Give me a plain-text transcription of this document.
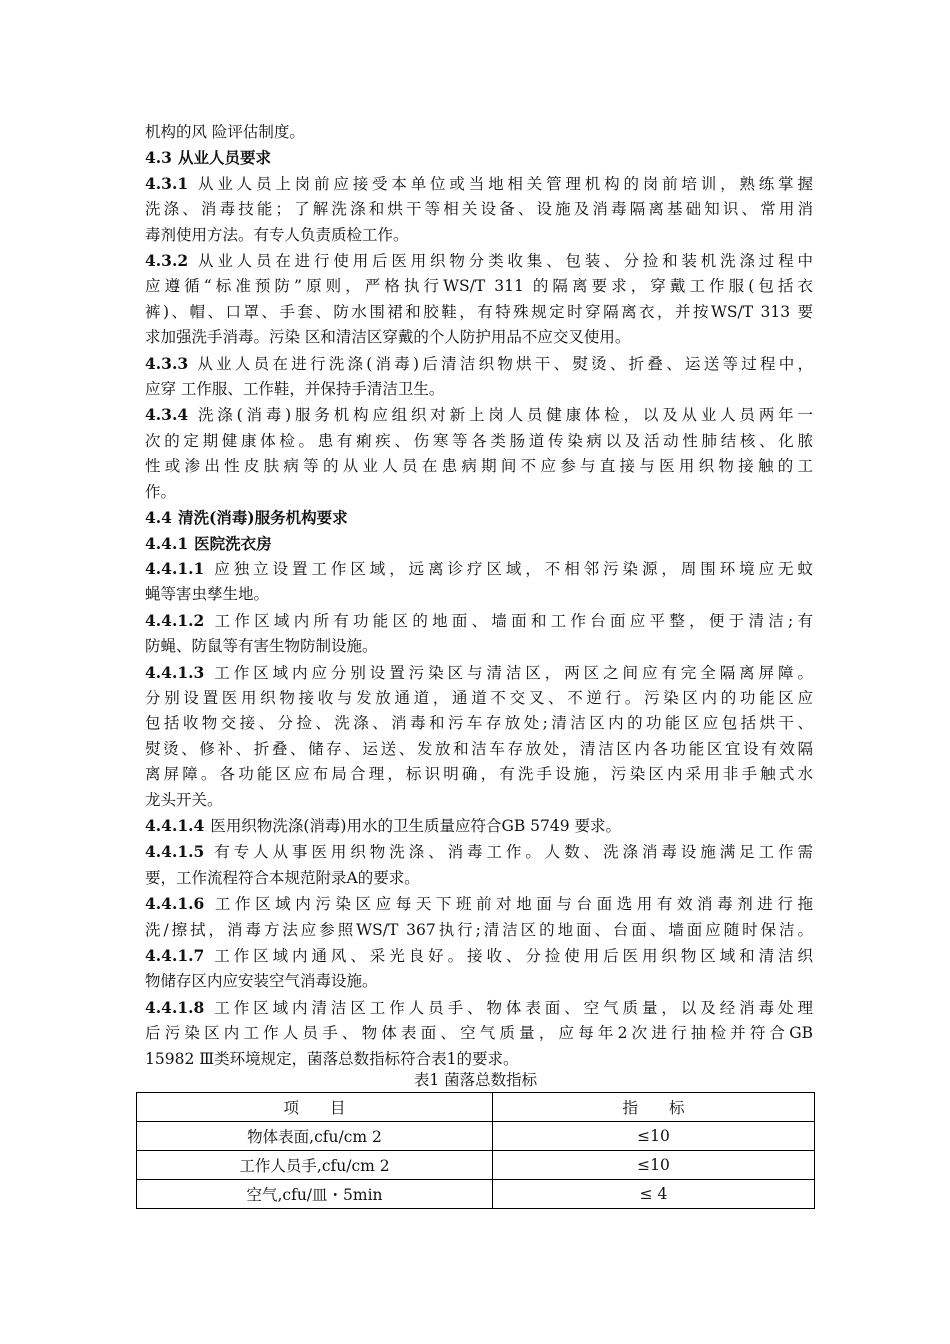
机构的风 险评估制度。

4.3 从业人员要求

4.3.1 从业人员上岗前应接受本单位或当地相关管理机构的岗前培训，熟练掌握

洗涤、消毒技能；了解洗涤和烘干等相关设备、设施及消毒隔离基础知识、常用消

毒剂使用方法。有专人负责质检工作。

4.3.2 从业人员在进行使用后医用织物分类收集、包装、分捡和装机洗涤过程中

应遵循“标准预防”原则，严格执行WS/T 311 的隔离要求，穿戴工作服(包括衣

裤)、帽、口罩、手套、防水围裙和胶鞋，有特殊规定时穿隔离衣，并按WS/T 313 要

求加强洗手消毒。污染 区和清洁区穿戴的个人防护用品不应交叉使用。

4.3.3 从业人员在进行洗涤(消毒)后清洁织物烘干、熨烫、折叠、运送等过程中，

应穿 工作服、工作鞋，并保持手清洁卫生。

4.3.4 洗涤(消毒)服务机构应组织对新上岗人员健康体检，以及从业人员两年一

次的定期健康体检。患有痢疾、伤寒等各类肠道传染病以及活动性肺结核、化脓

性或渗出性皮肤病等的从业人员在患病期间不应参与直接与医用织物接触的工

作。

4.4 清洗(消毒)服务机构要求

4.4.1 医院洗衣房

4.4.1.1 应独立设置工作区域，远离诊疗区域，不相邻污染源，周围环境应无蚊

蝇等害虫孳生地。

4.4.1.2 工作区域内所有功能区的地面、墙面和工作台面应平整，便于清洁;有

防蝇、防鼠等有害生物防制设施。

4.4.1.3 工作区域内应分别设置污染区与清洁区，两区之间应有完全隔离屏障。

分别设置医用织物接收与发放通道，通道不交叉、不逆行。污染区内的功能区应

包括收物交接、分捡、洗涤、消毒和污车存放处;清洁区内的功能区应包括烘干、

熨烫、修补、折叠、储存、运送、发放和洁车存放处，清洁区内各功能区宜设有效隔

离屏障。各功能区应布局合理，标识明确，有洗手设施，污染区内采用非手触式水

龙头开关。

4.4.1.4 医用织物洗涤(消毒)用水的卫生质量应符合GB 5749 要求。

4.4.1.5 有专人从事医用织物洗涤、消毒工作。人数、洗涤消毒设施满足工作需

要，工作流程符合本规范附录A的要求。

4.4.1.6 工作区域内污染区应每天下班前对地面与台面选用有效消毒剂进行拖

洗/擦拭，消毒方法应参照WS/T 367执行;清洁区的地面、台面、墙面应随时保洁。

4.4.1.7 工作区域内通风、采光良好。接收、分捡使用后医用织物区域和清洁织

物储存区内应安装空气消毒设施。

4.4.1.8 工作区域内清洁区工作人员手、物体表面、空气质量，以及经消毒处理

后污染区内工作人员手、物体表面、空气质量，应每年2次进行抽检并符合GB

15982 Ⅲ类环境规定，菌落总数指标符合表1的要求。

表1 菌落总数指标
项　　目	指　　标
物体表面,cfu/cm 2	≤10
工作人员手,cfu/cm 2	≤10
空气,cfu/皿・5min	≤ 4
